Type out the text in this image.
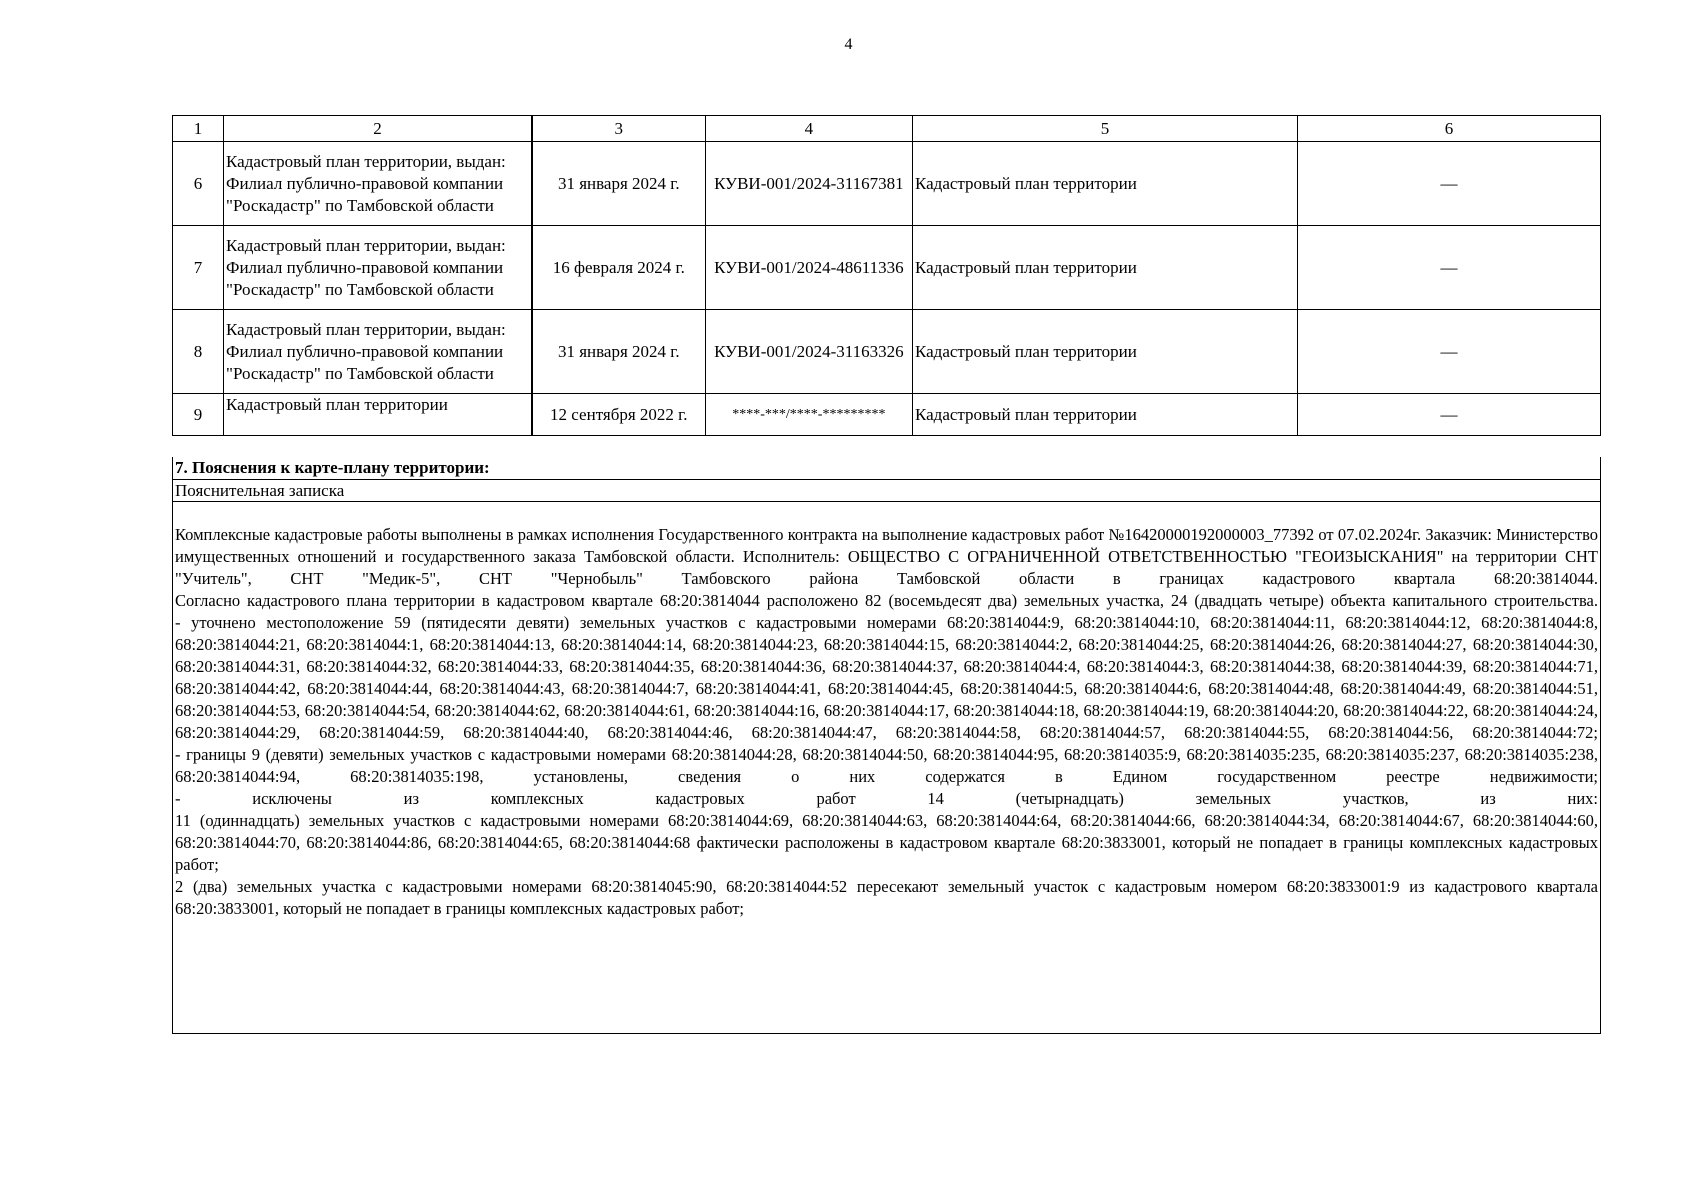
4
1	2	3	4	5	6
6	Кадастровый план территории, выдан: Филиал публично-правовой компании "Роскадастр" по Тамбовской области	31 января 2024 г.	КУВИ-001/2024-31167381	Кадастровый план территории	—
7	Кадастровый план территории, выдан: Филиал публично-правовой компании "Роскадастр" по Тамбовской области	16 февраля 2024 г.	КУВИ-001/2024-48611336	Кадастровый план территории	—
8	Кадастровый план территории, выдан: Филиал публично-правовой компании "Роскадастр" по Тамбовской области	31 января 2024 г.	КУВИ-001/2024-31163326	Кадастровый план территории	—
9	Кадастровый план территории	12 сентября 2022 г.	****-***/****-*********	Кадастровый план территории	—
7. Пояснения к карте-плану территории:
Пояснительная записка

Комплексные кадастровые работы выполнены в рамках исполнения Государственного контракта на выполнение кадастровых работ №16420000192000003_77392 от 07.02.2024г. Заказчик: Министерство имущественных отношений и государственного заказа Тамбовской области. Исполнитель: ОБЩЕСТВО С ОГРАНИЧЕННОЙ ОТВЕТСТВЕННОСТЬЮ "ГЕОИЗЫСКАНИЯ" на территории СНТ "Учитель", СНТ "Медик-5", СНТ "Чернобыль" Тамбовского района Тамбовской области в границах кадастрового квартала 68:20:3814044.

Согласно кадастрового плана территории в кадастровом квартале 68:20:3814044 расположено 82 (восемьдесят два) земельных участка, 24 (двадцать четыре) объекта капитального строительства.

- уточнено местоположение 59 (пятидесяти девяти) земельных участков с кадастровыми номерами 68:20:3814044:9, 68:20:3814044:10, 68:20:3814044:11, 68:20:3814044:12, 68:20:3814044:8, 68:20:3814044:21, 68:20:3814044:1, 68:20:3814044:13, 68:20:3814044:14, 68:20:3814044:23, 68:20:3814044:15, 68:20:3814044:2, 68:20:3814044:25, 68:20:3814044:26, 68:20:3814044:27, 68:20:3814044:30, 68:20:3814044:31, 68:20:3814044:32, 68:20:3814044:33, 68:20:3814044:35, 68:20:3814044:36, 68:20:3814044:37, 68:20:3814044:4, 68:20:3814044:3, 68:20:3814044:38, 68:20:3814044:39, 68:20:3814044:71, 68:20:3814044:42, 68:20:3814044:44, 68:20:3814044:43, 68:20:3814044:7, 68:20:3814044:41, 68:20:3814044:45, 68:20:3814044:5, 68:20:3814044:6, 68:20:3814044:48, 68:20:3814044:49, 68:20:3814044:51, 68:20:3814044:53, 68:20:3814044:54, 68:20:3814044:62, 68:20:3814044:61, 68:20:3814044:16, 68:20:3814044:17, 68:20:3814044:18, 68:20:3814044:19, 68:20:3814044:20, 68:20:3814044:22, 68:20:3814044:24, 68:20:3814044:29, 68:20:3814044:59, 68:20:3814044:40, 68:20:3814044:46, 68:20:3814044:47, 68:20:3814044:58, 68:20:3814044:57, 68:20:3814044:55, 68:20:3814044:56, 68:20:3814044:72;

- границы 9 (девяти) земельных участков с кадастровыми номерами 68:20:3814044:28, 68:20:3814044:50, 68:20:3814044:95, 68:20:3814035:9, 68:20:3814035:235, 68:20:3814035:237, 68:20:3814035:238, 68:20:3814044:94, 68:20:3814035:198, установлены, сведения о них содержатся в Едином государственном реестре недвижимости;

- исключены из комплексных кадастровых работ 14 (четырнадцать) земельных участков, из них:

11 (одиннадцать) земельных участков с кадастровыми номерами 68:20:3814044:69, 68:20:3814044:63, 68:20:3814044:64, 68:20:3814044:66, 68:20:3814044:34, 68:20:3814044:67, 68:20:3814044:60, 68:20:3814044:70, 68:20:3814044:86, 68:20:3814044:65, 68:20:3814044:68 фактически расположены в кадастровом квартале 68:20:3833001, который не попадает в границы комплексных кадастровых работ;

2 (два) земельных участка с кадастровыми номерами 68:20:3814045:90, 68:20:3814044:52 пересекают земельный участок с кадастровым номером 68:20:3833001:9 из кадастрового квартала 68:20:3833001, который не попадает в границы комплексных кадастровых работ;
